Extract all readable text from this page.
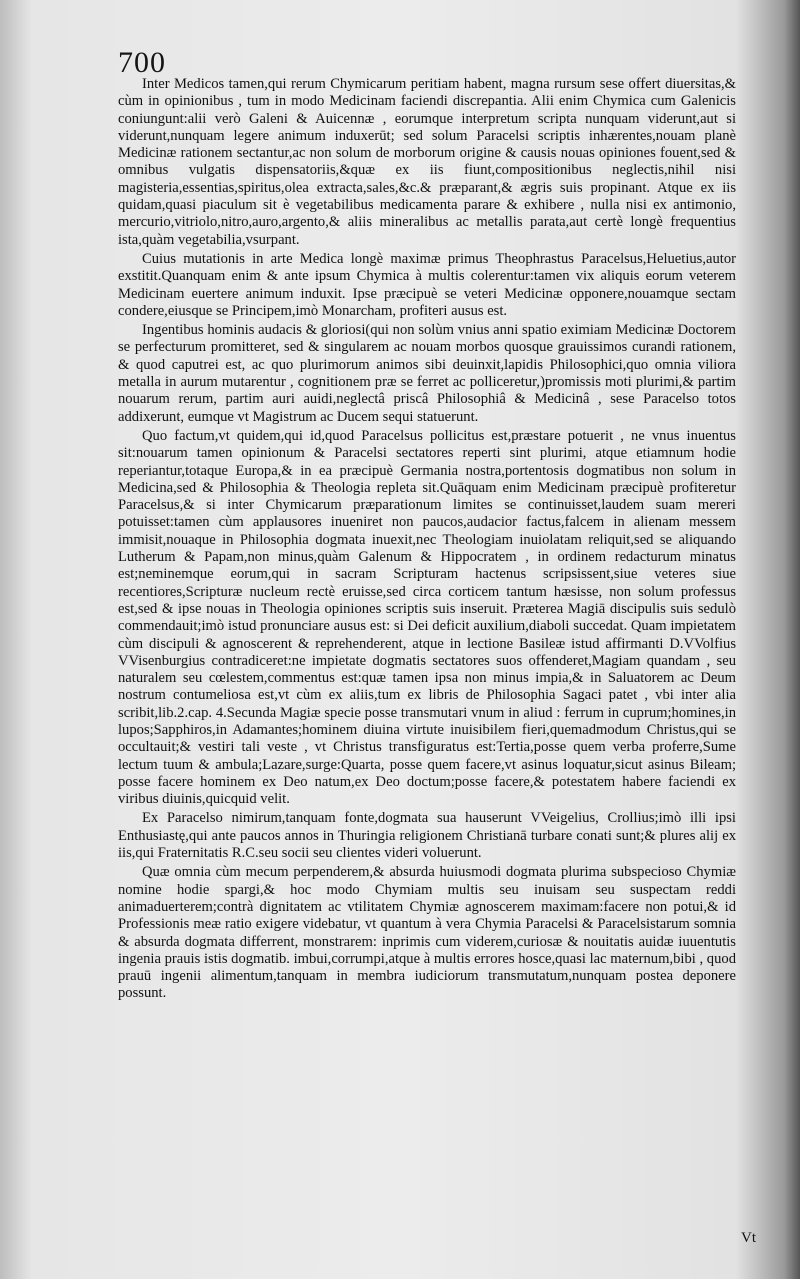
700

Inter Medicos tamen,qui rerum Chymicarum peritiam habent, magna rursum sese offert diuersitas,& cùm in opinionibus , tum in modo Medicinam faciendi discrepantia. Alii enim Chymica cum Galenicis coniungunt:alii verò Galeni & Auicennæ , eorumque interpretum scripta nunquam viderunt,aut si viderunt,nunquam legere animum induxerūt; sed solum Paracelsi scriptis inhærentes,nouam planè Medicinæ rationem sectantur,ac non solum de morborum origine & causis nouas opiniones fouent,sed & omnibus vulgatis dispensatoriis,&quæ ex iis fiunt,compositionibus neglectis,nihil nisi magisteria,essentias,spiritus,olea extracta,sales,&c.& præparant,& ægris suis propinant. Atque ex iis quidam,quasi piaculum sit è vegetabilibus medicamenta parare & exhibere , nulla nisi ex antimonio, mercurio,vitriolo,nitro,auro,argento,& aliis mineralibus ac metallis parata,aut certè longè frequentius ista,quàm vegetabilia,vsurpant.

Cuius mutationis in arte Medica longè maximæ primus Theophrastus Paracelsus,Heluetius,autor exstitit.Quanquam enim & ante ipsum Chymica à multis colerentur:tamen vix aliquis eorum veterem Medicinam euertere animum induxit. Ipse præcipuè se veteri Medicinæ opponere,nouamque sectam condere,eiusque se Principem,imò Monarcham, profiteri ausus est.

Ingentibus hominis audacis & gloriosi(qui non solùm vnius anni spatio eximiam Medicinæ Doctorem se perfecturum promitteret, sed & singularem ac nouam morbos quosque grauissimos curandi rationem, & quod caputrei est, ac quo plurimorum animos sibi deuinxit,lapidis Philosophici,quo omnia viliora metalla in aurum mutarentur , cognitionem præ se ferret ac polliceretur,)promissis moti plurimi,& partim nouarum rerum, partim auri auidi,neglectâ priscâ Philosophiâ & Medicinâ , sese Paracelso totos addixerunt, eumque vt Magistrum ac Ducem sequi statuerunt.

Quo factum,vt quidem,qui id,quod Paracelsus pollicitus est,præstare potuerit , ne vnus inuentus sit:nouarum tamen opinionum & Paracelsi sectatores reperti sint plurimi, atque etiamnum hodie reperiantur,totaque Europa,& in ea præcipuè Germania nostra,portentosis dogmatibus non solum in Medicina,sed & Philosophia & Theologia repleta sit.Quāquam enim Medicinam præcipuè profiteretur Paracelsus,& si inter Chymicarum præparationum limites se continuisset,laudem suam mereri potuisset:tamen cùm applausores inueniret non paucos,audacior factus,falcem in alienam messem immisit,nouaque in Philosophia dogmata inuexit,nec Theologiam inuiolatam reliquit,sed se aliquando Lutherum & Papam,non minus,quàm Galenum & Hippocratem , in ordinem redacturum minatus est;neminemque eorum,qui in sacram Scripturam hactenus scripsissent,siue veteres siue recentiores,Scripturæ nucleum rectè eruisse,sed circa corticem tantum hæsisse, non solum professus est,sed & ipse nouas in Theologia opiniones scriptis suis inseruit. Præterea Magiā discipulis suis sedulò commendauit;imò istud pronunciare ausus est: si Dei deficit auxilium,diaboli succedat. Quam impietatem cùm discipuli & agnoscerent & reprehenderent, atque in lectione Basileæ istud affirmanti D.VVolfius VVisenburgius contradiceret:ne impietate dogmatis sectatores suos offenderet,Magiam quandam , seu naturalem seu cœlestem,commentus est:quæ tamen ipsa non minus impia,& in Saluatorem ac Deum nostrum contumeliosa est,vt cùm ex aliis,tum ex libris de Philosophia Sagaci patet , vbi inter alia scribit,lib.2.cap. 4.Secunda Magiæ specie posse transmutari vnum in aliud : ferrum in cuprum;homines,in lupos;Sapphiros,in Adamantes;hominem diuina virtute inuisibilem fieri,quemadmodum Christus,qui se occultauit;& vestiri tali veste , vt Christus transfiguratus est:Tertia,posse quem verba proferre,Sume lectum tuum & ambula;Lazare,surge:Quarta, posse quem facere,vt asinus loquatur,sicut asinus Bileam; posse facere hominem ex Deo natum,ex Deo doctum;posse facere,& potestatem habere faciendi ex viribus diuinis,quicquid velit.

Ex Paracelso nimirum,tanquam fonte,dogmata sua hauserunt VVeigelius, Crollius;imò illi ipsi Enthusiastę,qui ante paucos annos in Thuringia religionem Christianā turbare conati sunt;& plures alij ex iis,qui Fraternitatis R.C.seu socii seu clientes videri voluerunt.

Quæ omnia cùm mecum perpenderem,& absurda huiusmodi dogmata plurima subspecioso Chymiæ nomine hodie spargi,& hoc modo Chymiam multis seu inuisam seu suspectam reddi animaduerterem;contrà dignitatem ac vtilitatem Chymiæ agnoscerem maximam:facere non potui,& id Professionis meæ ratio exigere videbatur, vt quantum à vera Chymia Paracelsi & Paracelsistarum somnia & absurda dogmata differrent, monstrarem: inprimis cum viderem,curiosæ & nouitatis auidæ iuuentutis ingenia prauis istis dogmatib. imbui,corrumpi,atque à multis errores hosce,quasi lac maternum,bibi , quod prauū ingenii alimentum,tanquam in membra iudiciorum transmutatum,nunquam postea deponere possunt.

Vt
